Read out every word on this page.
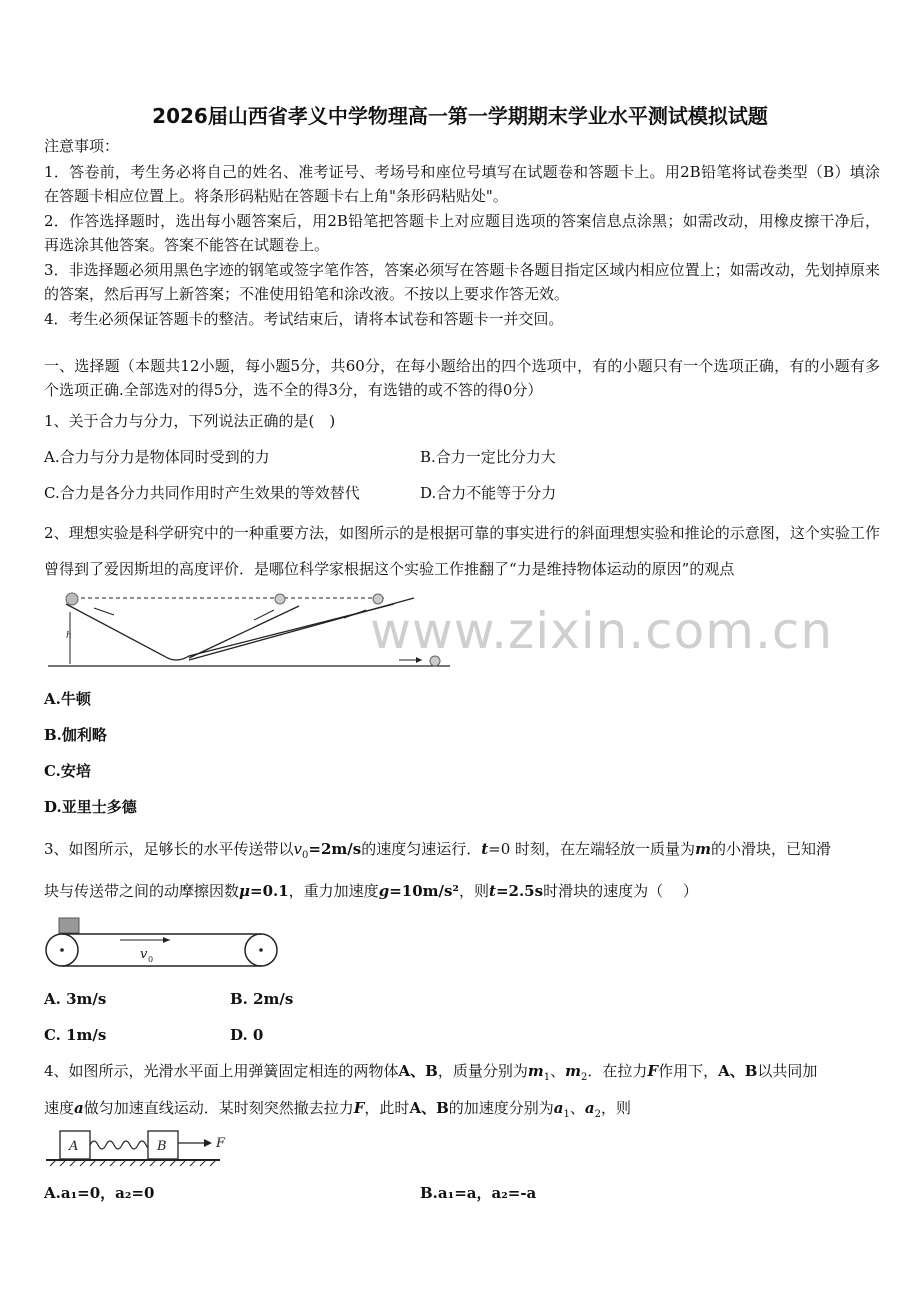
2026届山西省孝义中学物理高一第一学期期末学业水平测试模拟试题
注意事项：
1．答卷前，考生务必将自己的姓名、准考证号、考场号和座位号填写在试题卷和答题卡上。用2B铅笔将试卷类型（B）填涂在答题卡相应位置上。将条形码粘贴在答题卡右上角"条形码粘贴处"。
2．作答选择题时，选出每小题答案后，用2B铅笔把答题卡上对应题目选项的答案信息点涂黑；如需改动，用橡皮擦干净后，再选涂其他答案。答案不能答在试题卷上。
3．非选择题必须用黑色字迹的钢笔或签字笔作答，答案必须写在答题卡各题目指定区域内相应位置上；如需改动，先划掉原来的答案，然后再写上新答案；不准使用铅笔和涂改液。不按以上要求作答无效。
4．考生必须保证答题卡的整洁。考试结束后，请将本试卷和答题卡一并交回。
一、选择题（本题共12小题，每小题5分，共60分，在每小题给出的四个选项中，有的小题只有一个选项正确，有的小题有多个选项正确.全部选对的得5分，选不全的得3分，有选错的或不答的得0分）
1、关于合力与分力，下列说法正确的是(　)
A.合力与分力是物体同时受到的力	B.合力一定比分力大
C.合力是各分力共同作用时产生效果的等效替代	D.合力不能等于分力
2、理想实验是科学研究中的一种重要方法，如图所示的是根据可靠的事实进行的斜面理想实验和推论的示意图，这个实验工作曾得到了爱因斯坦的高度评价．是哪位科学家根据这个实验工作推翻了“力是维持物体运动的原因”的观点
h	www.zixin.com.cn
A.牛顿
B.伽利略
C.安培
D.亚里士多德
3、如图所示，足够长的水平传送带以$v_0=2m/s$的速度匀速运行．t=0 时刻，在左端轻放一质量为m的小滑块，已知滑
块与传送带之间的动摩擦因数μ=0.1，重力加速度g=10m/s²，则t=2.5s时滑块的速度为（　 ）
v 0
A. 3m/s	B. 2m/s
C. 1m/s	D. 0
4、如图所示，光滑水平面上用弹簧固定相连的两物体A、B，质量分别为$m_1$、$m_2$．在拉力F作用下，A、B以共同加
速度a做匀加速直线运动．某时刻突然撤去拉力F，此时A、B的加速度分别为$a_1$、$a_2$，则
A	B	F
A.a₁=0，a₂=0	B.a₁=a，a₂=-a
